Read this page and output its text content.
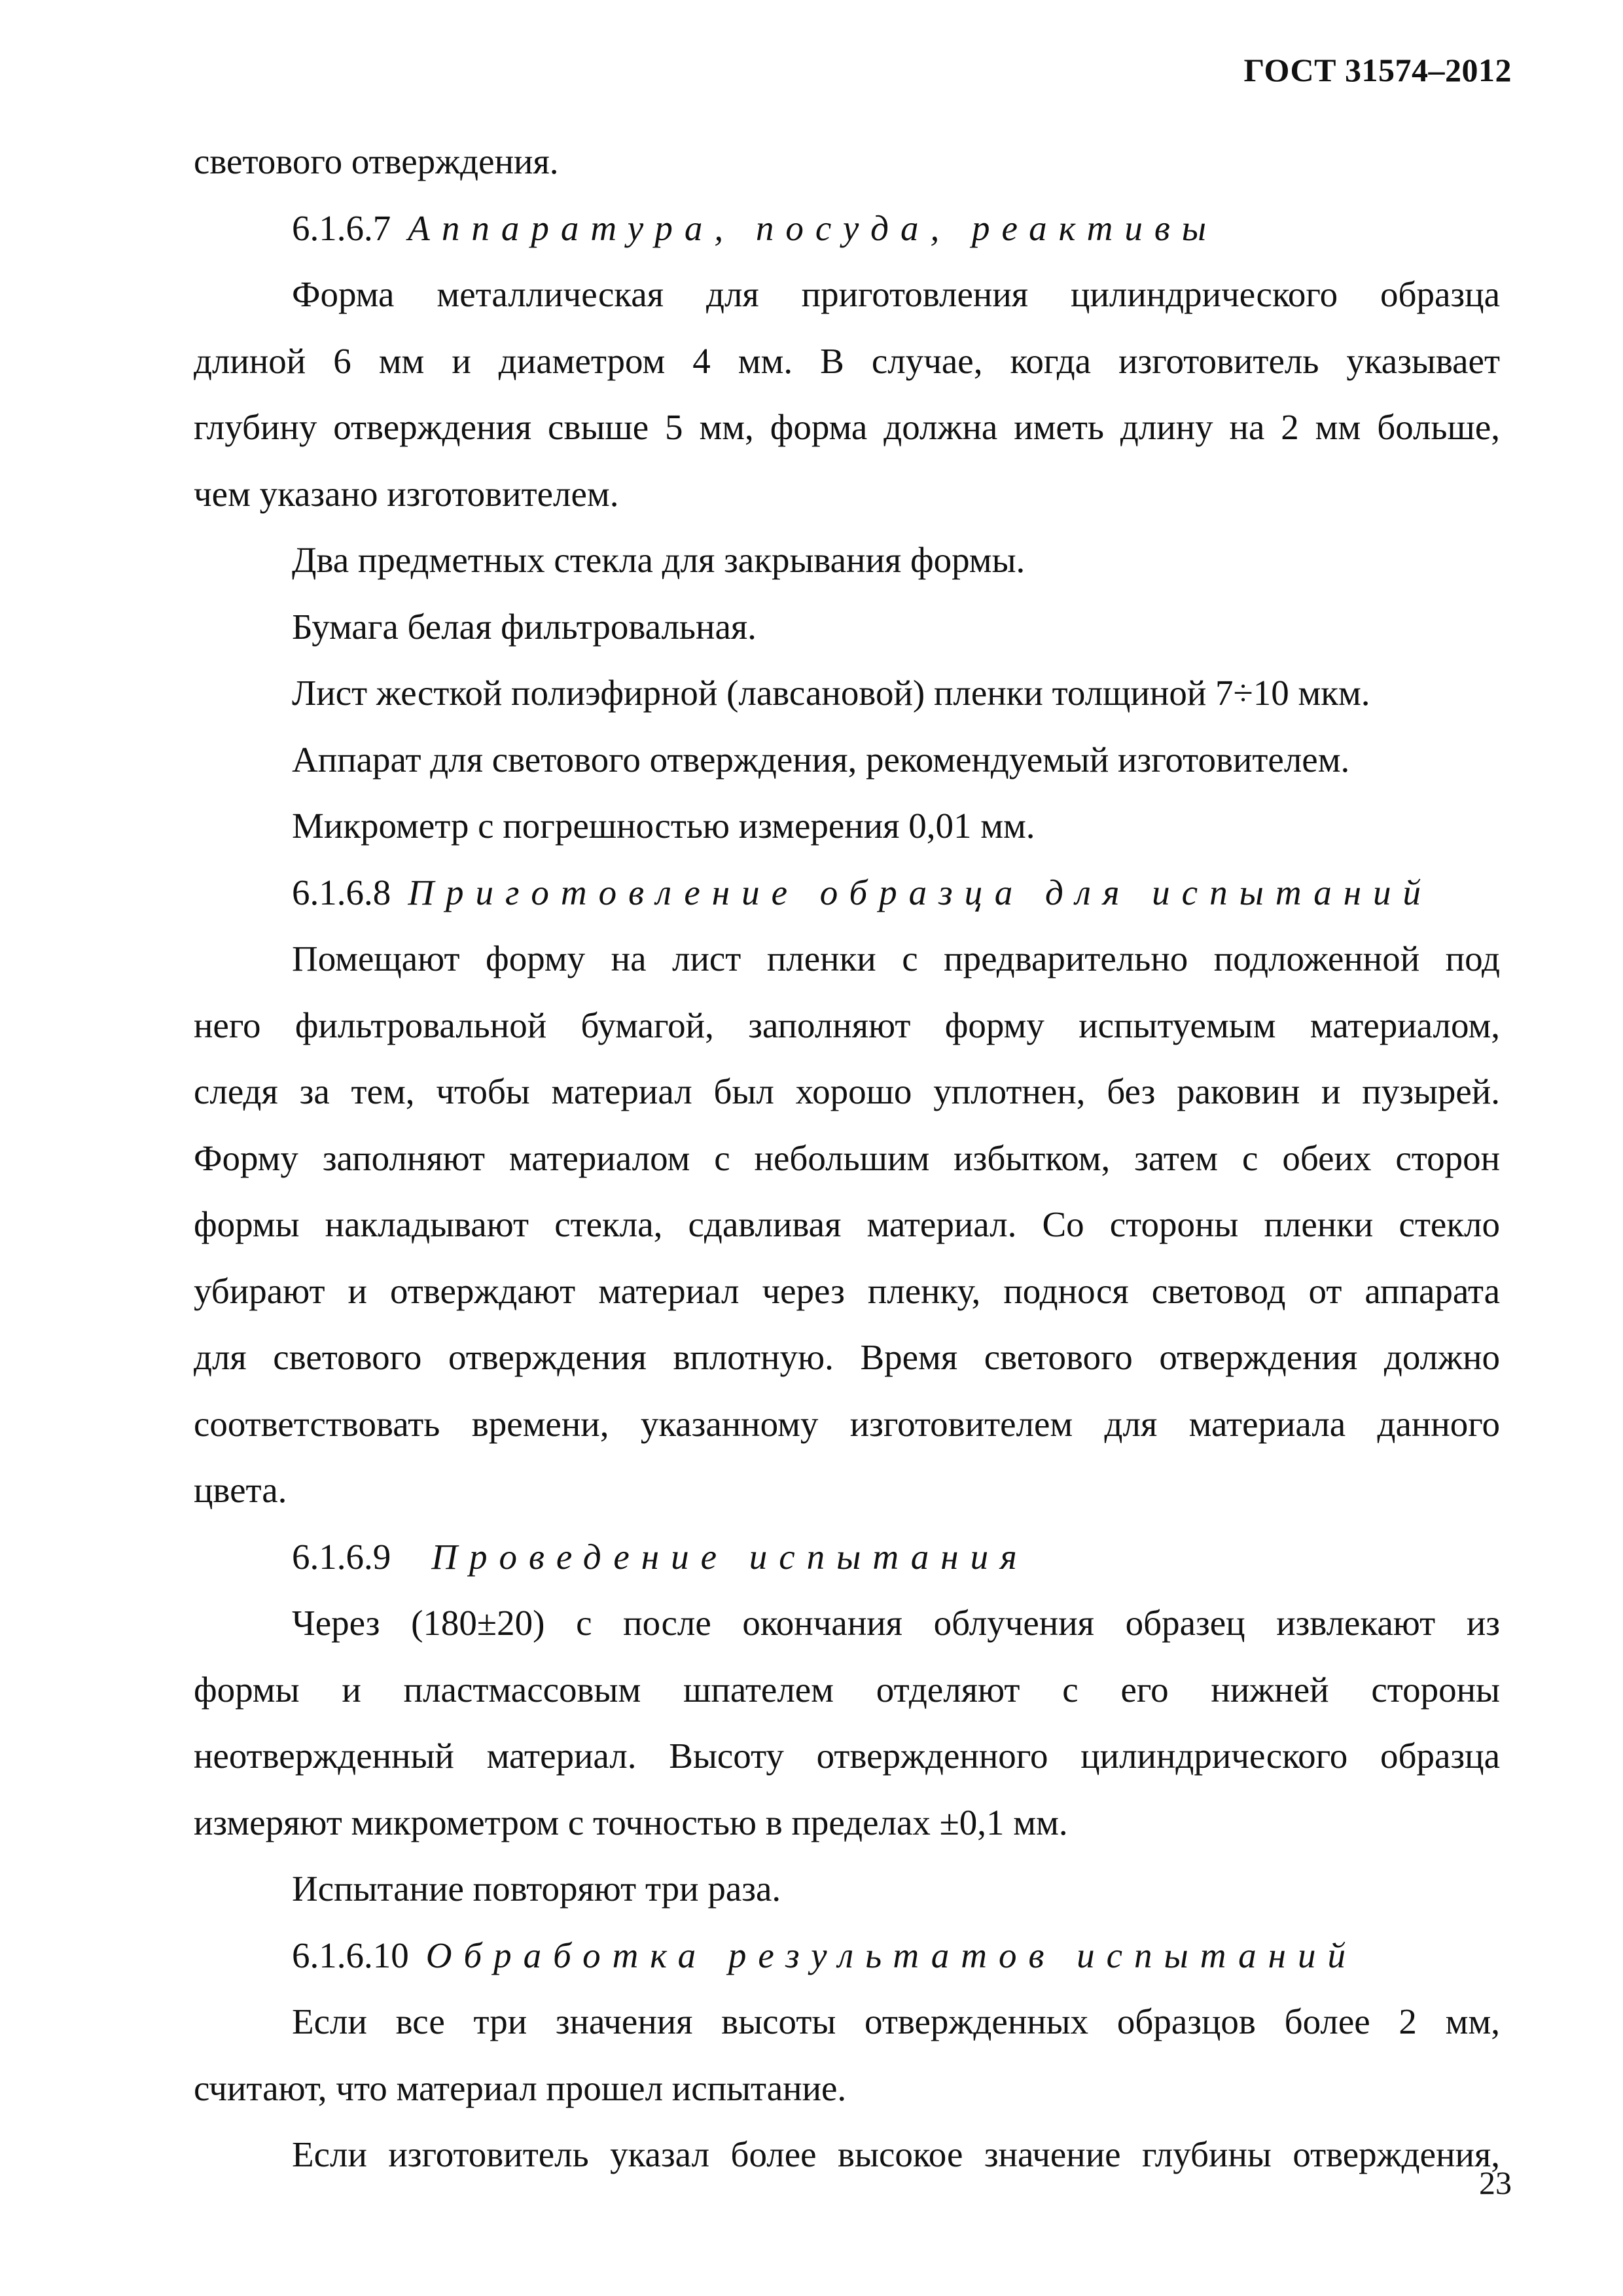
ГОСТ 31574–2012

светового отверждения.

6.1.6.7 Аппаратура, посуда, реактивы

Форма металлическая для приготовления цилиндрического образца

длиной 6 мм и диаметром 4 мм. В случае, когда изготовитель указывает

глубину отверждения свыше 5 мм, форма должна иметь длину на 2 мм больше,

чем указано изготовителем.

Два предметных стекла для закрывания формы.

Бумага белая фильтровальная.

Лист жесткой полиэфирной (лавсановой) пленки толщиной 7÷10 мкм.

Аппарат для светового отверждения, рекомендуемый изготовителем.

Микрометр с погрешностью измерения 0,01 мм.

6.1.6.8 Приготовление образца для испытаний

Помещают форму на лист пленки с предварительно подложенной под

него фильтровальной бумагой, заполняют форму испытуемым материалом,

следя за тем, чтобы материал был хорошо уплотнен, без раковин и пузырей.

Форму заполняют материалом с небольшим избытком, затем с обеих сторон

формы накладывают стекла, сдавливая материал. Со стороны пленки стекло

убирают и отверждают материал через пленку, поднося световод от аппарата

для светового отверждения вплотную. Время светового отверждения должно

соответствовать времени, указанному изготовителем для материала данного

цвета.

6.1.6.9 Проведение испытания

Через (180±20) с после окончания облучения образец извлекают из

формы и пластмассовым шпателем отделяют с его нижней стороны

неотвержденный материал. Высоту отвержденного цилиндрического образца

измеряют микрометром с точностью в пределах ±0,1 мм.

Испытание повторяют три раза.

6.1.6.10 Обработка результатов испытаний

Если все три значения высоты отвержденных образцов более 2 мм,

считают, что материал прошел испытание.

Если изготовитель указал более высокое значение глубины отверждения,

23
